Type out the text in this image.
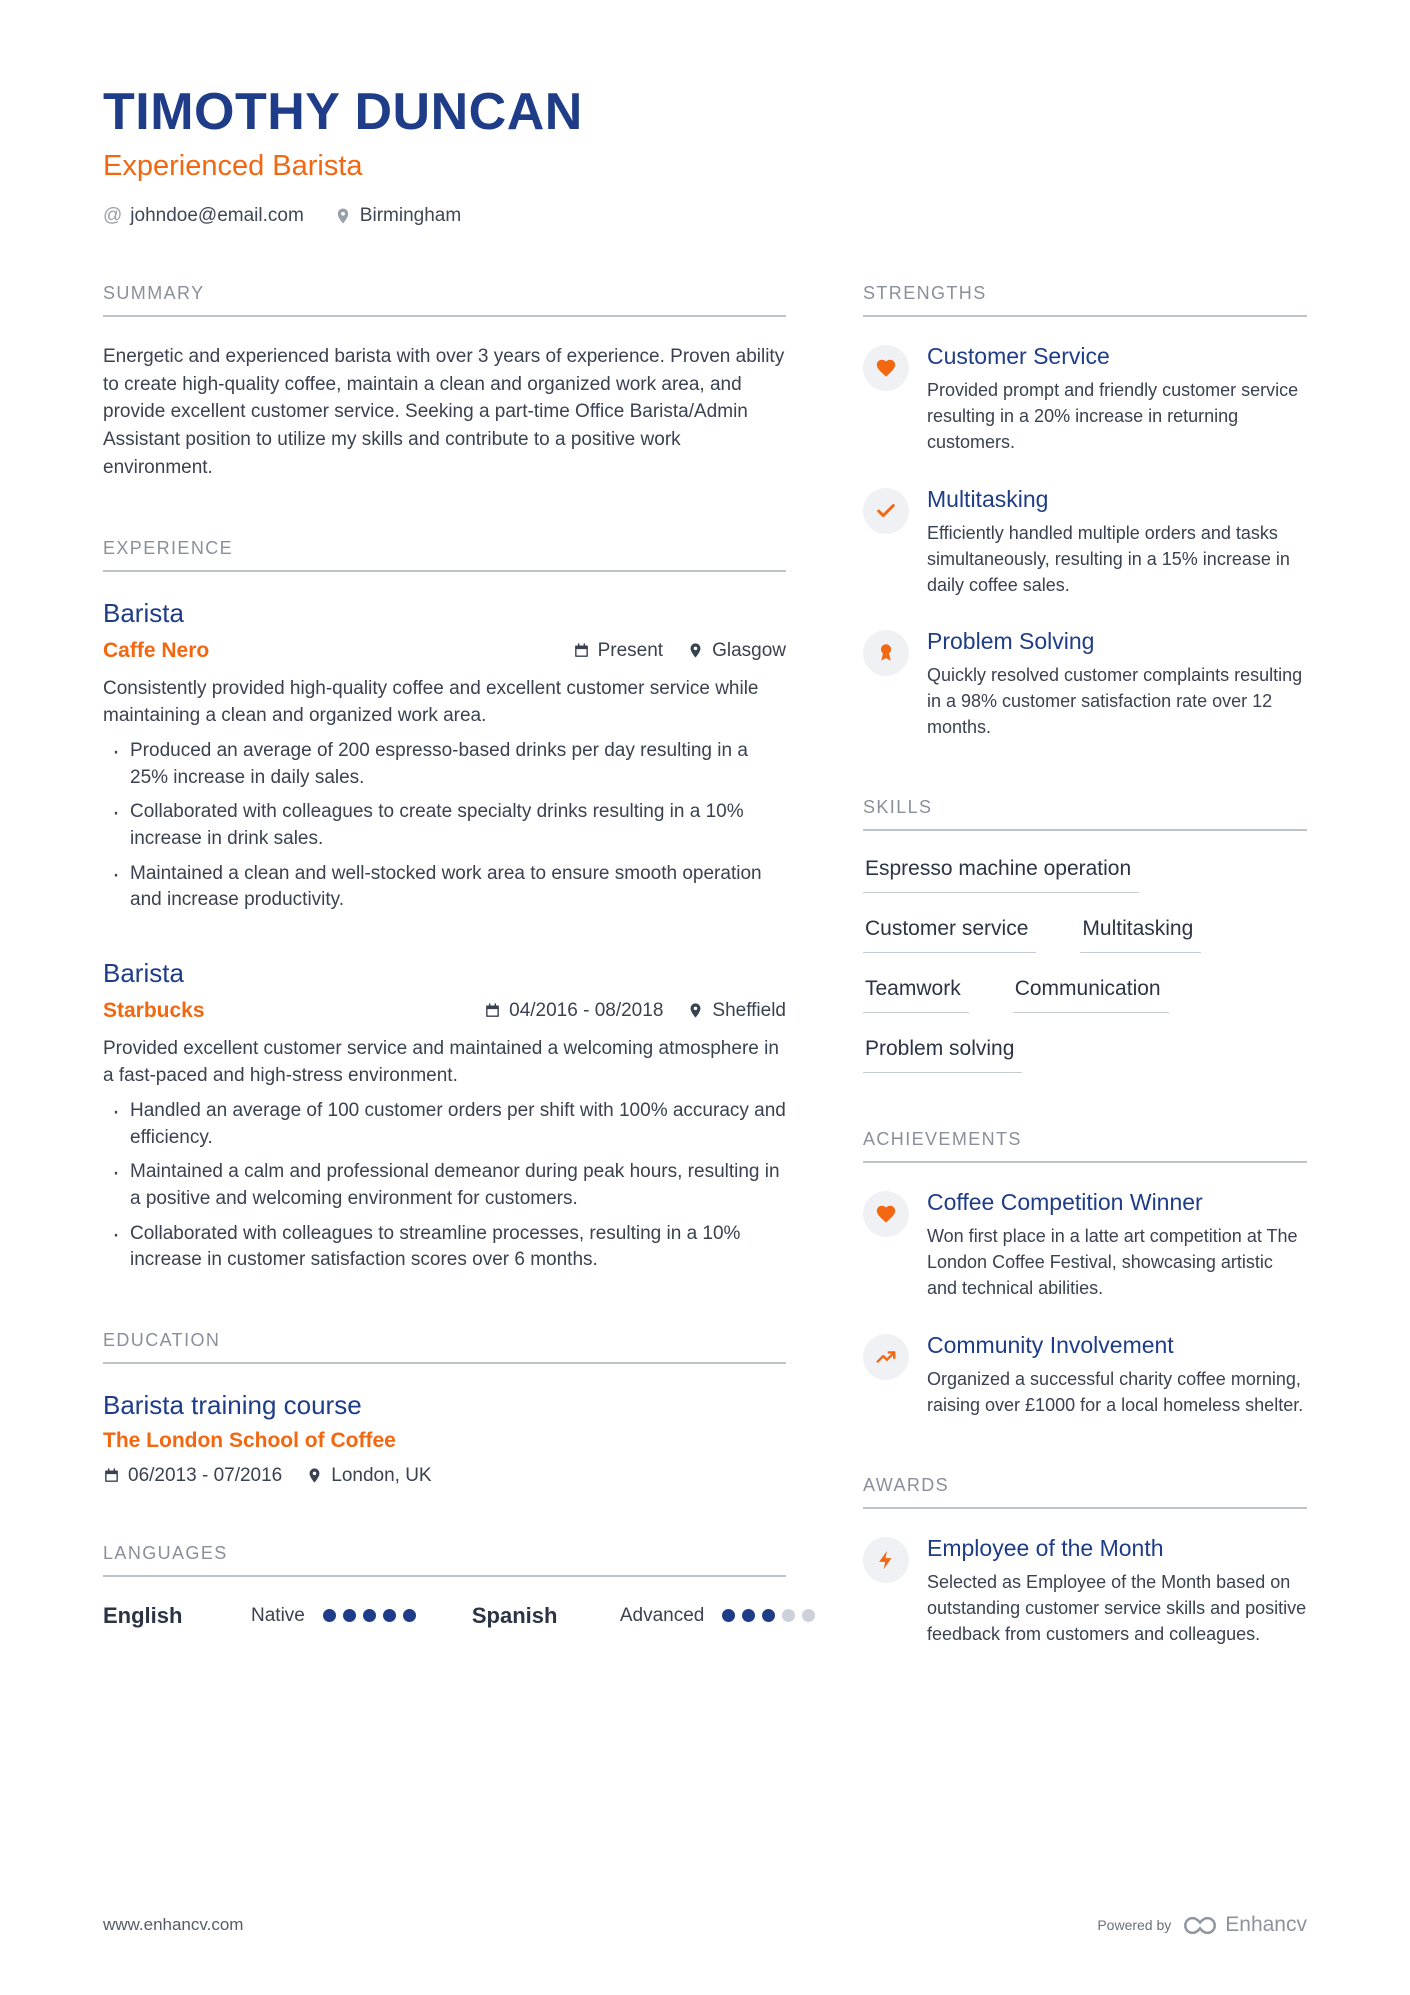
TIMOTHY DUNCAN
Experienced Barista
@ johndoe@email.com	Birmingham
SUMMARY

Energetic and experienced barista with over 3 years of experience. Proven ability to create high-quality coffee, maintain a clean and organized work area, and provide excellent customer service. Seeking a part-time Office Barista/Admin Assistant position to utilize my skills and contribute to a positive work environment.

EXPERIENCE
Barista
Caffe Nero	Present	Glasgow

Consistently provided high-quality coffee and excellent customer service while maintaining a clean and organized work area.

· Produced an average of 200 espresso-based drinks per day resulting in a 25% increase in daily sales.
· Collaborated with colleagues to create specialty drinks resulting in a 10% increase in drink sales.
· Maintained a clean and well-stocked work area to ensure smooth operation and increase productivity.
Barista
Starbucks	04/2016 - 08/2018	Sheffield

Provided excellent customer service and maintained a welcoming atmosphere in a fast-paced and high-stress environment.

· Handled an average of 100 customer orders per shift with 100% accuracy and efficiency.
· Maintained a calm and professional demeanor during peak hours, resulting in a positive and welcoming environment for customers.
· Collaborated with colleagues to streamline processes, resulting in a 10% increase in customer satisfaction scores over 6 months.
EDUCATION
Barista training course
The London School of Coffee
06/2013 - 07/2016	London, UK
LANGUAGES
English	Native	Spanish	Advanced
STRENGTHS
Customer Service

Provided prompt and friendly customer service resulting in a 20% increase in returning customers.

Multitasking

Efficiently handled multiple orders and tasks simultaneously, resulting in a 15% increase in daily coffee sales.

Problem Solving

Quickly resolved customer complaints resulting in a 98% customer satisfaction rate over 12 months.

SKILLS
Espresso machine operation
Customer service	Multitasking
Teamwork	Communication
Problem solving
ACHIEVEMENTS
Coffee Competition Winner

Won first place in a latte art competition at The London Coffee Festival, showcasing artistic and technical abilities.

Community Involvement

Organized a successful charity coffee morning, raising over £1000 for a local homeless shelter.

AWARDS
Employee of the Month

Selected as Employee of the Month based on outstanding customer service skills and positive feedback from customers and colleagues.

www.enhancv.com	Powered by	Enhancv
